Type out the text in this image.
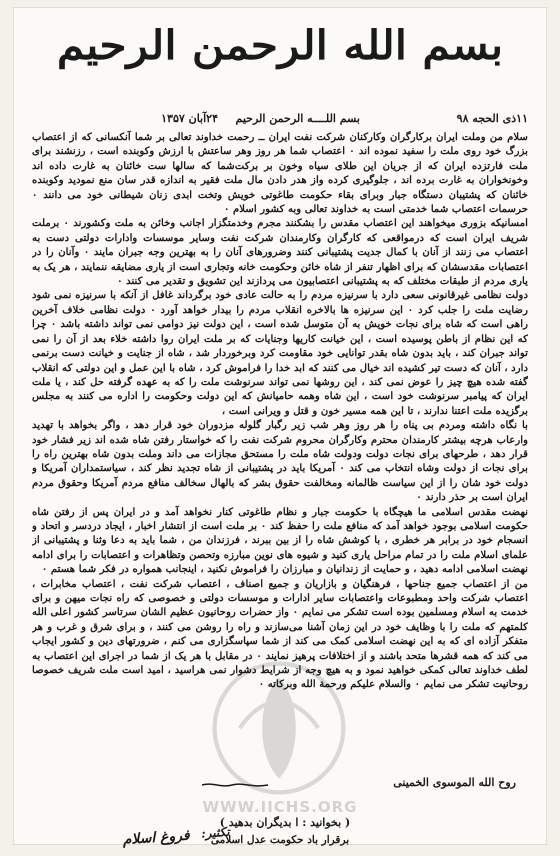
بسم الله الرحمن الرحیم
۱۱ذی الحجه ۹۸
بسم اللــــه الرحمن الرحیم
۲۴آبان ۱۳۵۷

سلام من وملت ایران برکارگران وکارکنان شرکت نفت ایران ــ رحمت خداوند تعالی بر شما آنکسانی که از اعتصاب بزرگ خود روی ملت را سفید نموده اند ۰ اعتصاب شما هر روز وهر ساعتش با ارزش وکوبنده است ، رزنشند برای ملت فارتزده ایران که از جریان این طلای سیاه وخون بر برکت‌شما که سالها ست خائنان به غارت داده اند وخونخواران به غارت برده اند ، جلوگیری کرده واز هدر دادن مال ملت فقیر به اندازه قدر سان منع نمودید وکوبنده خائنان که پشتیبان دستگاه جبار وبرای بقاء حکومت طاغوتی خویش وتخت ابدی زنان شیطانی خود می دانند ۰ حرسمات اعتصاب شما خدمتی است به خداوند تعالی وبه کشور اسلام ۰

امسانیکه بزوری میخواهند این اعتصاب مقدس را بشکنند مجرم وخدمتگزار اجانب وخائن به ملت وکشورند ۰ برملت شریف ایران است که درمواقعی که کارگران وکارمندان شرکت نفت وسایر موسسات وادارات دولتی دست به اعتصاب می زنند از آنان با کمال جدیت پشتیبانی کنند وضرورهای آنان را به بهترین وجه جبران مایند ۰ وآنان را در اعتصابات مقدسشان که برای اظهار تنفر از شاه خائن وحکومت خانه وتجاری است از یاری مضایقه ننمایند ، هر یک به یاری مردم از طبقات مختلف که به پشتیبانی اعتصابیون می پردازند این تشویق و تقدیر می کنند ۰

دولت نظامی غیرقانونی سعی دارد با سرنیزه مردم را به حالت عادی خود برگرداند غافل از آنکه با سرنیزه نمی شود رضایت ملت را جلب کرد ۰ این سرنیزه ها بالاخره انقلاب مردم را بیدار خواهد آورد ۰ دولت نظامی خلاف آخرین راهی است که شاه برای نجات خویش به آن متوسل شده است ، این دولت نیز دوامی نمی تواند داشته باشد ۰ چرا که این نظام از باطن پوسیده است ، این خیانت کاریها وجنایات که بر ملت ایران روا داشته خلاء بعد از آن را نمی تواند جبران کند ، باید بدون شاه بقدر توانایی خود مقاومت کرد وبرخوردار شد ، شاه از جنایت و خیانت دست برنمی دارد ، آنان که دست تیر کشیده اند خیال می کنند که ابد خدا را فراموش کرد ، شاه با این عمل و این دولتی که انقلاب گفته شده هیچ چیز را عوض نمی کند ، این روشها نمی تواند سرنوشت ملت را که به عهده گرفته حل کند ، یا ملت ایران که پیامبر سرنوشت خود است ، این شاه وهمه حامیانش که این دولت وحکومت را اداره می کنند به مجلس برگزیده ملت اعتنا ندارند ، تا این همه مسیر خون و قتل و ویرانی است ،

با نگاه داشته ومردم بی پناه را هر روز وهر شب زیر رگبار گلوله مزدوران خود قرار دهد ، واگر بخواهد با تهدید وارعاب هرچه بیشتر کارمندان محترم وکارگران محروم شرکت نفت را که خواستار رفتن شاه شده اند زیر فشار خود قرار دهد ، طرحهای برای نجات دولت ودولت شاه ملت را مستحق مجازات می داند وملت بدون شاه بهترین راه را برای نجات از دولت وشاه انتخاب می کند ۰ آمریکا باید در پشتیبانی از شاه تجدید نظر کند ، سیاستمداران آمریکا و دولت خود شان را از این سیاست ظالمانه ومخالفت حقوق بشر که بالهال سخالف منافع مردم آمریکا وحقوق مردم ایران است بر حذر دارند ۰

نهضت مقدس اسلامی ما هیچگاه با حکومت جبار و نظام طاغوتی کنار نخواهد آمد و در ایران پس از رفتن شاه حکومت اسلامی بوجود خواهد آمد که منافع ملت را حفظ کند ۰ بر ملت است از انتشار اخبار ، ایجاد دردسر و اتحاد و انسجام خود در برابر هر خطری ، با کوشش شاه را از بین ببرند ، فرزندان من ، شما باید به دعا وثنا و پشتیبانی از علمای اسلام ملت را در تمام مراحل یاری کنید و شیوه های نوین مبارزه وتحصن وتظاهرات و اعتصابات را برای ادامه نهضت اسلامی ادامه دهید ، و حمایت از زندانیان و مبارزان را فراموش نکنید ، اینجانب همواره در فکر شما هستم ۰

من از اعتصاب جمیع جناحها ، فرهنگیان و بازاریان و جمیع اصناف ، اعتصاب شرکت نفت ، اعتصاب مخابرات ، اعتصاب شرکت واحد ومطبوعات واعتصابات سایر ادارات و موسسات دولتی و خصوصی که راه نجات میهن و برای خدمت به اسلام ومسلمین بوده است تشکر می نمایم ۰ واز حضرات روحانیون عظیم الشان سرتاسر کشور اعلی الله کلمتهم که ملت را با وظایف خود در این زمان آشنا می‌سازند و راه را روشن می کنند ، و برای شرق و غرب و هر متفکر آزاده ای که به این نهضت اسلامی کمک می کند از شما سپاسگزاری می کنم ، ضرورتهای دین و کشور ایجاب می کند که همه قشرها متحد باشند و از اختلافات پرهیز نمایند ۰ در مقابل با هر یک از شما در اجرای این اعتصاب به لطف خداوند تعالی کمکی خواهید نمود و به هیچ وجه از شرایط دشوار نمی هراسید ، امید است ملت شریف خصوصا روحانیت تشکر می نمایم ۰ والسلام علیکم ورحمة الله وبرکاته ۰

روح الله الموسوی الخمینی
WWW.IICHS.ORG
( بخوانید : ا بدیگران بدهید )
برقرار باد حکومت عدل اسلامی
تکثیر:
فروغ اسلام
